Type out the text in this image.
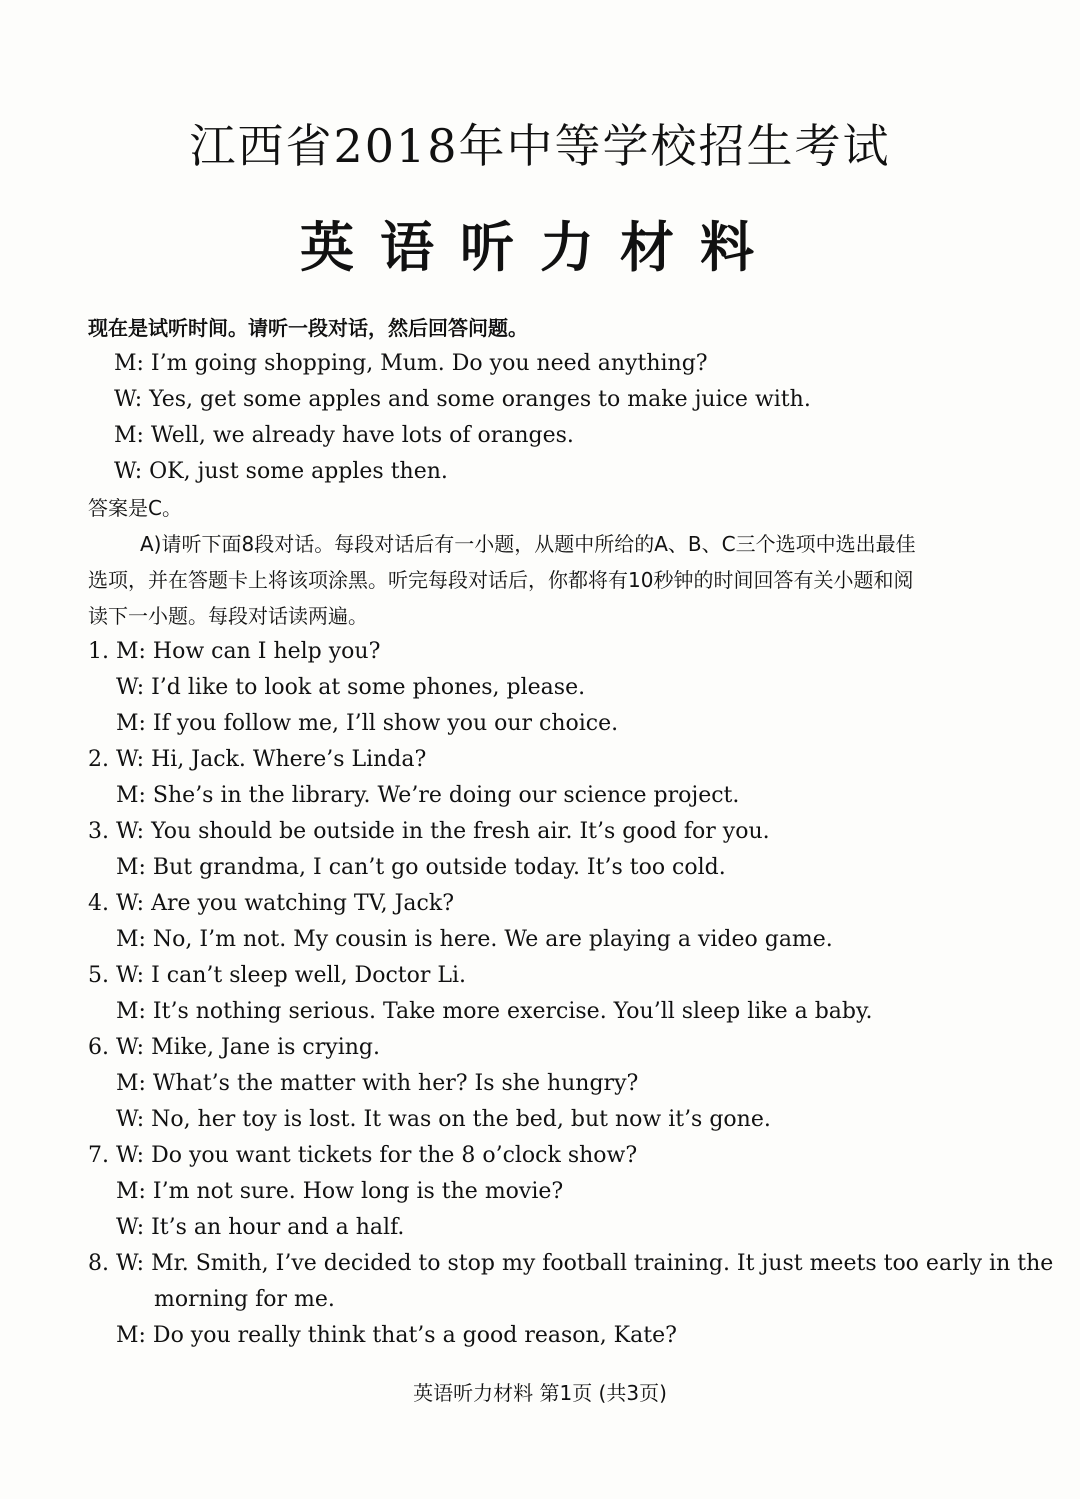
江西省2018年中等学校招生考试
英语听力材料
现在是试听时间。请听一段对话，然后回答问题。
M: I’m going shopping, Mum. Do you need anything?
W: Yes, get some apples and some oranges to make juice with.
M: Well, we already have lots of oranges.
W: OK, just some apples then.
答案是C。
A)请听下面8段对话。每段对话后有一小题，从题中所给的A、B、C三个选项中选出最佳
选项，并在答题卡上将该项涂黑。听完每段对话后，你都将有10秒钟的时间回答有关小题和阅
读下一小题。每段对话读两遍。
1. M: How can I help you?
W: I’d like to look at some phones, please.
M: If you follow me, I’ll show you our choice.
2. W: Hi, Jack. Where’s Linda?
M: She’s in the library. We’re doing our science project.
3. W: You should be outside in the fresh air. It’s good for you.
M: But grandma, I can’t go outside today. It’s too cold.
4. W: Are you watching TV, Jack?
M: No, I’m not. My cousin is here. We are playing a video game.
5. W: I can’t sleep well, Doctor Li.
M: It’s nothing serious. Take more exercise. You’ll sleep like a baby.
6. W: Mike, Jane is crying.
M: What’s the matter with her? Is she hungry?
W: No, her toy is lost. It was on the bed, but now it’s gone.
7. W: Do you want tickets for the 8 o’clock show?
M: I’m not sure. How long is the movie?
W: It’s an hour and a half.
8. W: Mr. Smith, I’ve decided to stop my football training. It just meets too early in the
morning for me.
M: Do you really think that’s a good reason, Kate?
英语听力材料 第1页 (共3页)
